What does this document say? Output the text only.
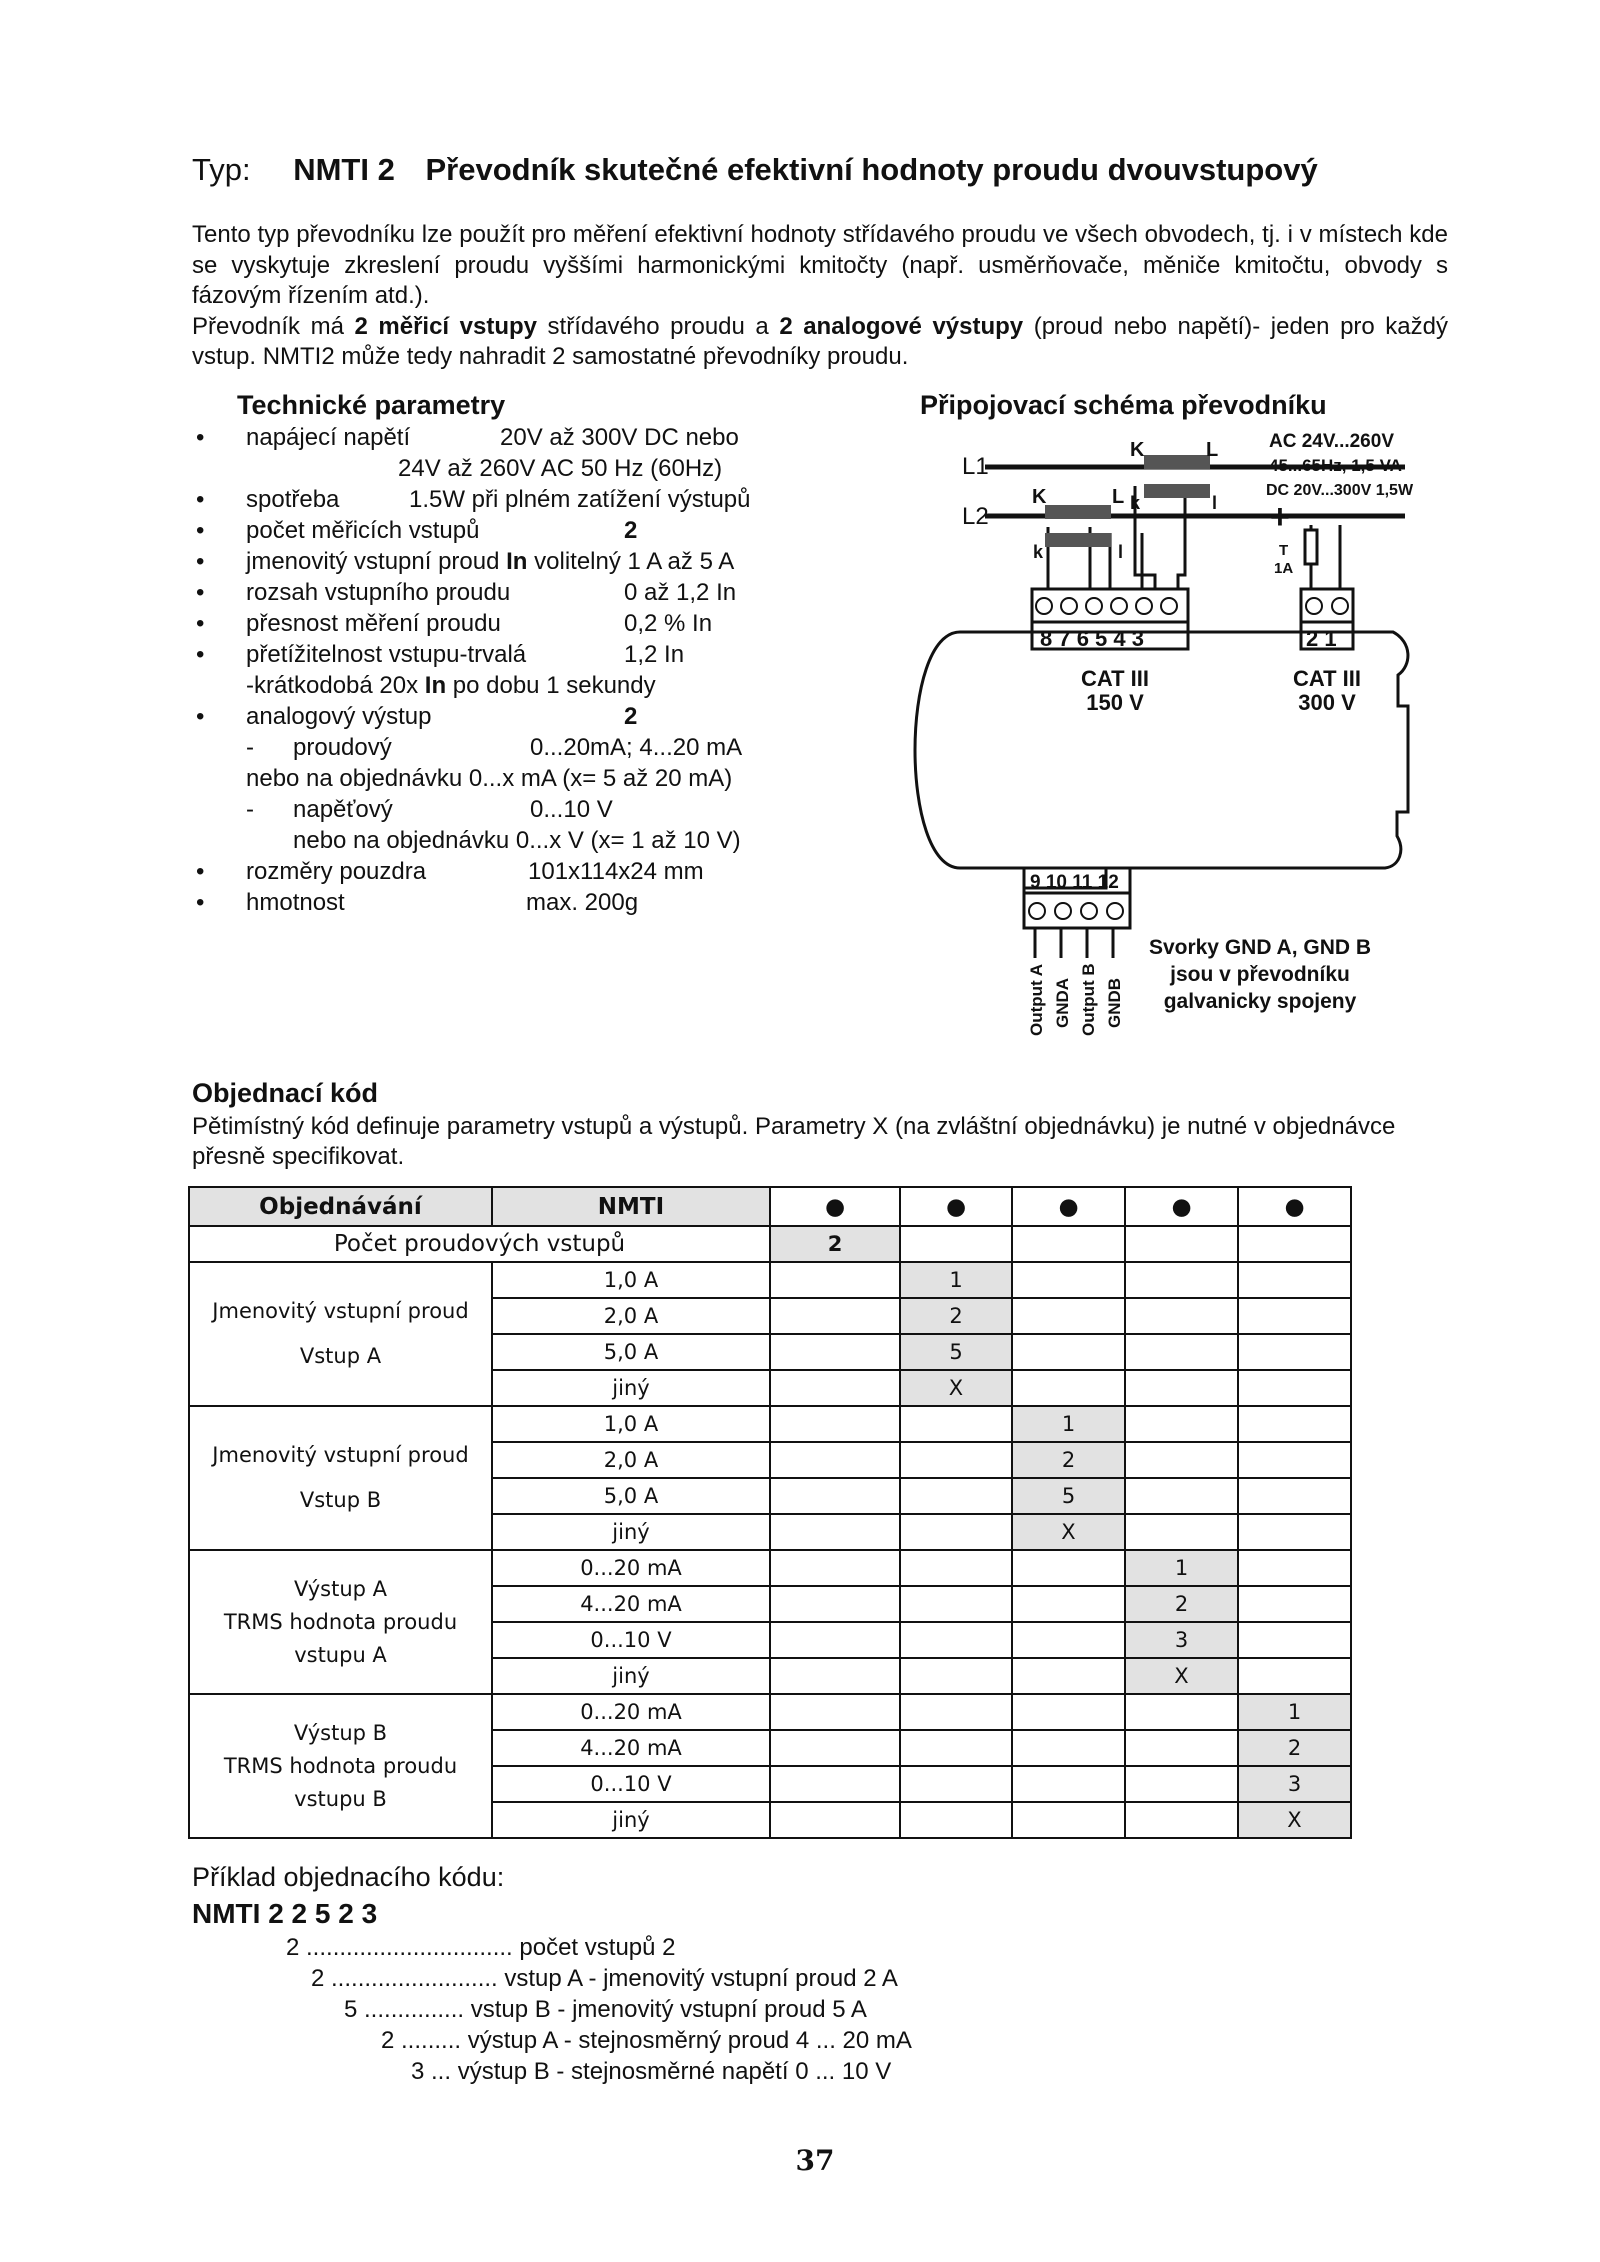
Typ: NMTI 2 Převodník skutečné efektivní hodnoty proudu dvouvstupový
Tento typ převodníku lze použít pro měření efektivní hodnoty střídavého proudu ve všech obvodech, tj. i v místech kde se vyskytuje zkreslení proudu vyššími harmonickými kmitočty (např. usměrňovače, měniče kmitočtu, obvody s fázovým řízením atd.).
Převodník má 2 měřicí vstupy střídavého proudu a 2 analogové výstupy (proud nebo napětí)- jeden pro každý vstup. NMTI2 může tedy nahradit 2 samostatné převodníky proudu.
Technické parametry
• napájecí napětí	20V až 300V DC nebo
24V až 260V AC 50 Hz (60Hz)
• spotřeba	1.5W při plném zatížení výstupů
• počet měřicích vstupů	2
• jmenovitý vstupní proud In volitelný 1 A až 5 A
• rozsah vstupního proudu	0 až 1,2 In
• přesnost měření proudu	0,2 % In
• přetížitelnost vstupu-trvalá	1,2 In
-krátkodobá 20x In po dobu 1 sekundy
• analogový výstup	2
- proudový	0...20mA; 4...20 mA
nebo na objednávku 0...x mA (x= 5 až 20 mA)
- napěťový	0...10 V
nebo na objednávku 0...x V (x= 1 až 10 V)
• rozměry pouzdra	101x114x24 mm
• hmotnost	max. 200g
Připojovací schéma převodníku
L1
L2
K	L
k	l
K	L
k	l
AC 24V...260V
45...65Hz, 1,5 VA
DC 20V...300V 1,5W
+
T
1A
8 7 6 5 4 3	2 1
CAT III
150 V
CAT III
300 V
9 10 11 12
Output A GNDA Output B GNDB
Svorky GND A, GND B
jsou v převodníku
galvanicky spojeny
Objednací kód
Pětimístný kód definuje parametry vstupů a výstupů. Parametry X (na zvláštní objednávku) je nutné v objednávce přesně specifikovat.
Objednávání	NMTI	●	●	●	●	●
Počet proudových vstupů		2				

Jmenovitý vstupní proud
Vstup A	1,0 A		1			
	2,0 A		2			
	5,0 A		5			
	jiný		X			

Jmenovitý vstupní proud
Vstup B	1,0 A			1		
	2,0 A			2		
	5,0 A			5		
	jiný			X		

Výstup A
TRMS hodnota proudu
vstupu A	0...20 mA				1	
	4...20 mA				2	
	0...10 V				3	
	jiný				X	

Výstup B
TRMS hodnota proudu
vstupu B	0...20 mA					1
	4...20 mA					2
	0...10 V					3
	jiný					X
Příklad objednacího kódu:
NMTI 2 2 5 2 3
2 ............................... počet vstupů 2
2 ......................... vstup A - jmenovitý vstupní proud 2 A
5 ............... vstup B - jmenovitý vstupní proud 5 A
2 ......... výstup A - stejnosměrný proud 4 ... 20 mA
3 ... výstup B - stejnosměrné napětí 0 ... 10 V
37
